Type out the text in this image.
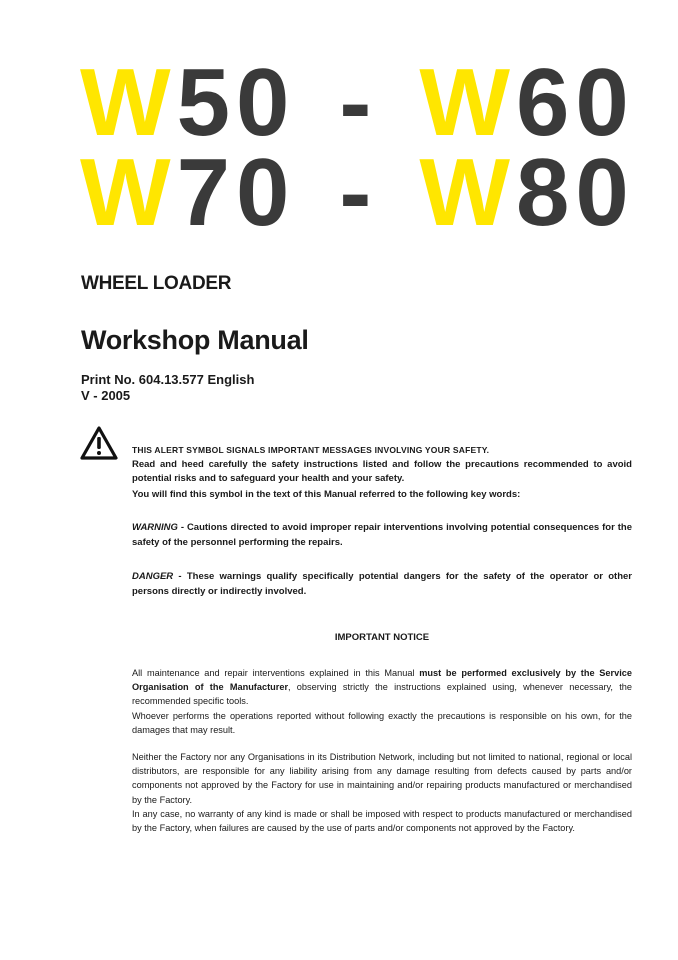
W 50 - W 60
W 70 - W 80
WHEEL LOADER
Workshop Manual
Print No. 604.13.577 English
V - 2005

THIS ALERT SYMBOL SIGNALS IMPORTANT MESSAGES INVOLVING YOUR SAFETY.

Read and heed carefully the safety instructions listed and follow the precautions recommended to avoid potential risks and to safeguard your health and your safety.

You will find this symbol in the text of this Manual referred to the following key words:

WARNING - Cautions directed to avoid improper repair interventions involving potential consequences for the safety of the personnel performing the repairs.

DANGER - These warnings qualify specifically potential dangers for the safety of the operator or other persons directly or indirectly involved.

IMPORTANT NOTICE

All maintenance and repair interventions explained in this Manual must be performed exclusively by the Service Organisation of the Manufacturer, observing strictly the instructions explained using, whenever necessary, the recommended specific tools.

Whoever performs the operations reported without following exactly the precautions is responsible on his own, for the damages that may result.

Neither the Factory nor any Organisations in its Distribution Network, including but not limited to national, regional or local distributors, are responsible for any liability arising from any damage resulting from defects caused by parts and/or components not approved by the Factory for use in maintaining and/or repairing products manufactured or merchandised by the Factory.

In any case, no warranty of any kind is made or shall be imposed with respect to products manufactured or merchandised by the Factory, when failures are caused by the use of parts and/or components not approved by the Factory.
